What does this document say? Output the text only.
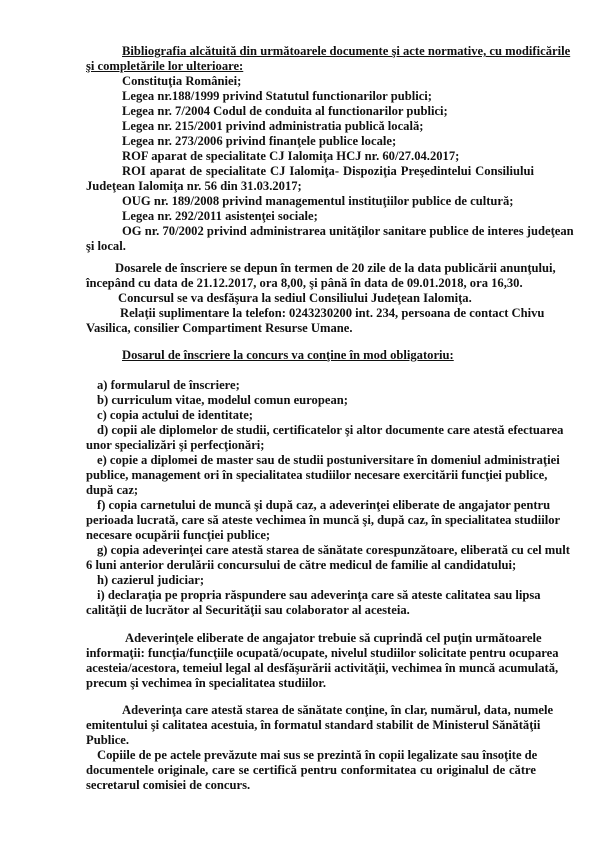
Bibliografia alcătuită din următoarele documente şi acte normative, cu modificările
şi completările lor ulterioare:
Constituţia României;
Legea nr.188/1999 privind Statutul functionarilor publici;
Legea nr. 7/2004 Codul de conduita al functionarilor publici;
Legea nr. 215/2001 privind administratia publică locală;
Legea nr. 273/2006 privind finanţele publice locale;
ROF aparat de specialitate CJ Ialomiţa HCJ nr. 60/27.04.2017;
ROI aparat de specialitate CJ Ialomiţa- Dispoziţia Preşedintelui Consiliului
Judeţean Ialomiţa nr. 56 din 31.03.2017;
OUG nr. 189/2008 privind managementul instituţiilor publice de cultură;
Legea nr. 292/2011 asistenţei sociale;
OG nr. 70/2002 privind administrarea unităţilor sanitare publice de interes judeţean
şi local.
Dosarele de înscriere se depun în termen de 20 zile de la data publicării anunţului,
începând cu data de 21.12.2017, ora 8,00, şi până în data de 09.01.2018, ora 16,30.
Concursul se va desfăşura la sediul Consiliului Judeţean Ialomiţa.
Relaţii suplimentare la telefon: 0243230200 int. 234, persoana de contact Chivu
Vasilica, consilier Compartiment Resurse Umane.
Dosarul de înscriere la concurs va conţine în mod obligatoriu:
a) formularul de înscriere;
b) curriculum vitae, modelul comun european;
c) copia actului de identitate;
d) copii ale diplomelor de studii, certificatelor şi altor documente care atestă efectuarea
unor specializări şi perfecţionări;
e) copie a diplomei de master sau de studii postuniversitare în domeniul administraţiei
publice, management ori în specialitatea studiilor necesare exercitării funcţiei publice,
după caz;
f) copia carnetului de muncă şi după caz, a adeverinţei eliberate de angajator pentru
perioada lucrată, care să ateste vechimea în muncă şi, după caz, în specialitatea studiilor
necesare ocupării funcţiei publice;
g) copia adeverinţei care atestă starea de sănătate corespunzătoare, eliberată cu cel mult
6 luni anterior derulării concursului de către medicul de familie al candidatului;
h) cazierul judiciar;
i) declaraţia pe propria răspundere sau adeverinţa care să ateste calitatea sau lipsa
calităţii de lucrător al Securităţii sau colaborator al acesteia.
Adeverinţele eliberate de angajator trebuie să cuprindă cel puţin următoarele
informaţii: funcţia/funcţiile ocupată/ocupate, nivelul studiilor solicitate pentru ocuparea
acesteia/acestora, temeiul legal al desfăşurării activităţii, vechimea în muncă acumulată,
precum şi vechimea în specialitatea studiilor.
Adeverinţa care atestă starea de sănătate conţine, în clar, numărul, data, numele
emitentului şi calitatea acestuia, în formatul standard stabilit de Ministerul Sănătăţii
Publice.
Copiile de pe actele prevăzute mai sus se prezintă în copii legalizate sau însoţite de
documentele originale, care se certifică pentru conformitatea cu originalul de către
secretarul comisiei de concurs.
